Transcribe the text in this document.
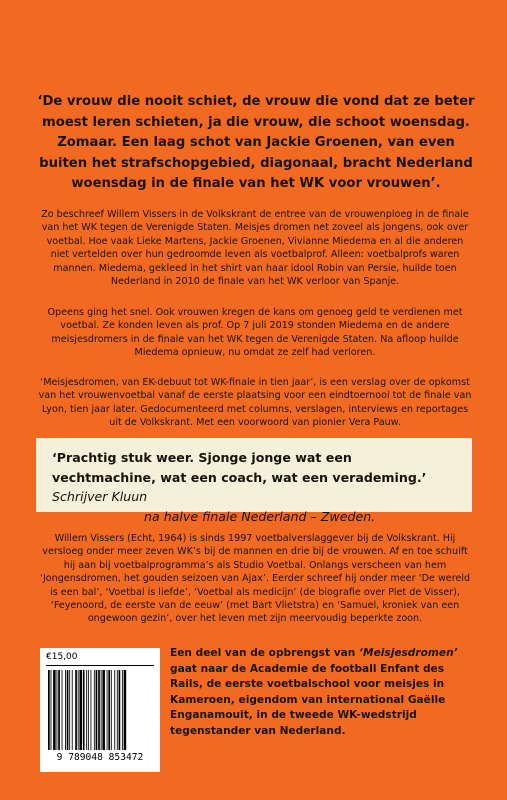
‘De vrouw die nooit schiet, de vrouw die vond dat ze beter moest leren schieten, ja die vrouw, die schoot woensdag. Zomaar. Een laag schot van Jackie Groenen, van even buiten het strafschopgebied, diagonaal, bracht Nederland woensdag in de finale van het WK voor vrouwen’.

Zo beschreef Willem Vissers in de Volkskrant de entree van de vrouwenploeg in de finale van het WK tegen de Verenigde Staten. Meisjes dromen net zoveel als jongens, ook over voetbal. Hoe vaak Lieke Martens, Jackie Groenen, Vivianne Miedema en al die anderen niet vertelden over hun gedroomde leven als voetbalprof. Alleen: voetbalprofs waren mannen. Miedema, gekleed in het shirt van haar idool Robin van Persie, huilde toen Nederland in 2010 de finale van het WK verloor van Spanje.

Opeens ging het snel. Ook vrouwen kregen de kans om genoeg geld te verdienen met voetbal. Ze konden leven als prof. Op 7 juli 2019 stonden Miedema en de andere meisjesdromers in de finale van het WK tegen de Verenigde Staten. Na afloop huilde Miedema opnieuw, nu omdat ze zelf had verloren.

‘Meisjesdromen, van EK-debuut tot WK-finale in tien jaar’, is een verslag over de opkomst van het vrouwenvoetbal vanaf de eerste plaatsing voor een eindtoernooi tot de finale van Lyon, tien jaar later. Gedocumenteerd met columns, verslagen, interviews en reportages uit de Volkskrant. Met een voorwoord van pionier Vera Pauw.

‘Prachtig stuk weer. Sjonge jonge wat een vechtmachine, wat een coach, wat een verademing.’ Schrijver Kluun
na halve finale Nederland – Zweden.

Willem Vissers (Echt, 1964) is sinds 1997 voetbalverslaggever bij de Volkskrant. Hij versloeg onder meer zeven WK’s bij de mannen en drie bij de vrouwen. Af en toe schuift hij aan bij voetbalprogramma’s als Studio Voetbal. Onlangs verscheen van hem ‘Jongensdromen, het gouden seizoen van Ajax’. Eerder schreef hij onder meer ‘De wereld is een bal’, ‘Voetbal is liefde’, ‘Voetbal als medicijn’ (de biografie over Piet de Visser), ‘Feyenoord, de eerste van de eeuw’ (met Bart Vlietstra) en ‘Samuel, kroniek van een ongewoon gezin’, over het leven met zijn meervoudig beperkte zoon.

€15,00
9 789048 853472

Een deel van de opbrengst van ‘Meisjesdromen’ gaat naar de Academie de football Enfant des Rails, de eerste voetbalschool voor meisjes in Kameroen, eigendom van international Gaëlle Enganamouit, in de tweede WK-wedstrijd tegenstander van Nederland.
